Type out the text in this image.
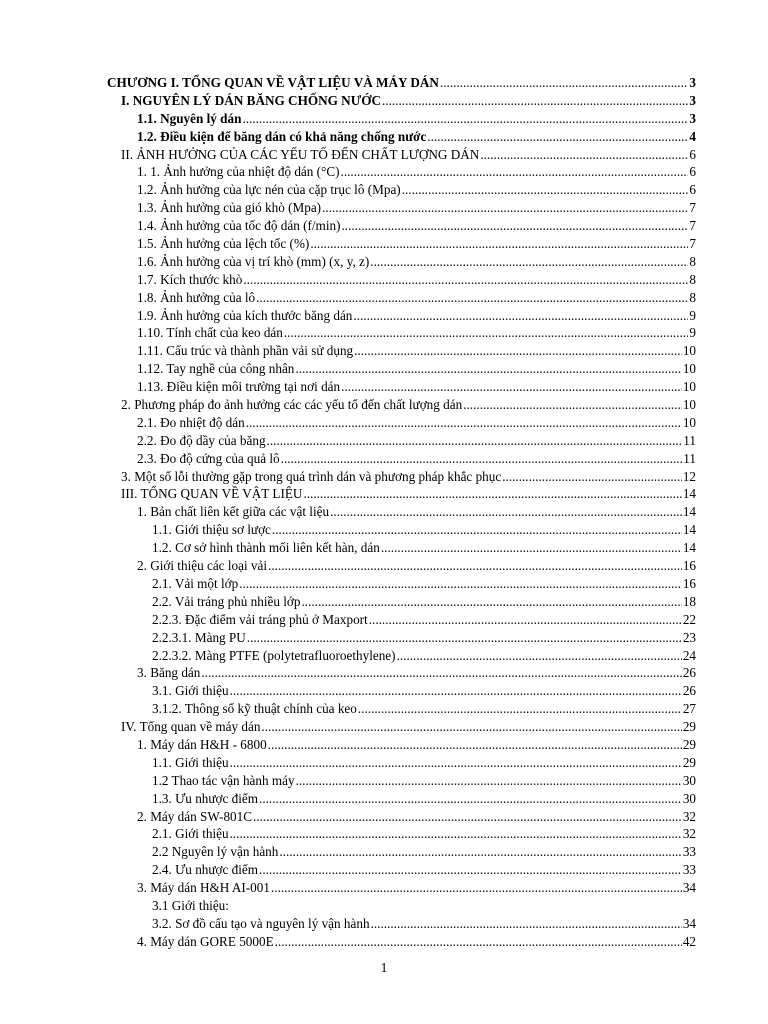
CHƯƠNG I. TỔNG QUAN VỀ VẬT LIỆU VÀ MÁY DÁN .....	3
I. NGUYÊN LÝ DÁN BĂNG CHỐNG NƯỚC .....	3
1.1. Nguyên lý dán .....	3
1.2. Điều kiện để băng dán có khả năng chống nước .....	4
II. ẢNH HƯỞNG CỦA CÁC YẾU TỐ ĐẾN CHẤT LƯỢNG DÁN .....	6
1. 1. Ảnh hưởng của nhiệt độ dán (°C) .....	6
1.2. Ảnh hưởng của lực nén của cặp trục lô (Mpa) .....	6
1.3. Ảnh hưởng của gió khò (Mpa) .....	7
1.4. Ảnh hưởng của tốc độ dán (f/min) .....	7
1.5. Ảnh hưởng của lệch tốc (%) .....	7
1.6. Ảnh hưởng của vị trí khò (mm) (x, y, z) .....	8
1.7. Kích thước khò .....	8
1.8. Ảnh hưởng của lô .....	8
1.9. Ảnh hưởng của kích thước băng dán .....	9
1.10. Tính chất của keo dán .....	9
1.11. Cấu trúc và thành phần vải sử dụng .....	10
1.12. Tay nghề của công nhân .....	10
1.13. Điều kiện môi trường tại nơi dán .....	10
2. Phương pháp đo ảnh hưởng các các yếu tố đến chất lượng dán .....	10
2.1. Đo nhiệt độ dán .....	10
2.2. Đo độ dầy của băng .....	11
2.3. Đo độ cứng của quả lô .....	11
3. Một số lỗi thường gặp trong quá trình dán và phương pháp khắc phục .....	12
III. TỔNG QUAN VỀ VẬT LIỆU .....	14
1. Bản chất liên kết giữa các vật liệu .....	14
1.1. Giới thiệu sơ lược .....	14
1.2. Cơ sở hình thành mối liên kết hàn, dán .....	14
2. Giới thiệu các loại vải .....	16
2.1. Vải một lớp .....	16
2.2. Vải tráng phủ nhiều lớp .....	18
2.2.3. Đặc điểm vải tráng phủ ở Maxport .....	22
2.2.3.1. Màng PU .....	23
2.2.3.2. Màng PTFE (polytetrafluoroethylene) .....	24
3. Băng dán .....	26
3.1. Giới thiệu .....	26
3.1.2. Thông số kỹ thuật chính của keo .....	27
IV. Tổng quan về máy dán .....	29
1. Máy dán H&H - 6800 .....	29
1.1. Giới thiệu .....	29
1.2 Thao tác vận hành máy .....	30
1.3. Ưu nhược điểm .....	30
2. Máy dán SW-801C .....	32
2.1. Giới thiệu .....	32
2.2 Nguyên lý vận hành .....	33
2.4. Ưu nhược điểm .....	33
3. Máy dán H&H AI-001 .....	34
3.1 Giới thiệu:
3.2. Sơ đồ cấu tạo và nguyên lý vận hành .....	34
4. Máy dán GORE 5000E .....	42
1
